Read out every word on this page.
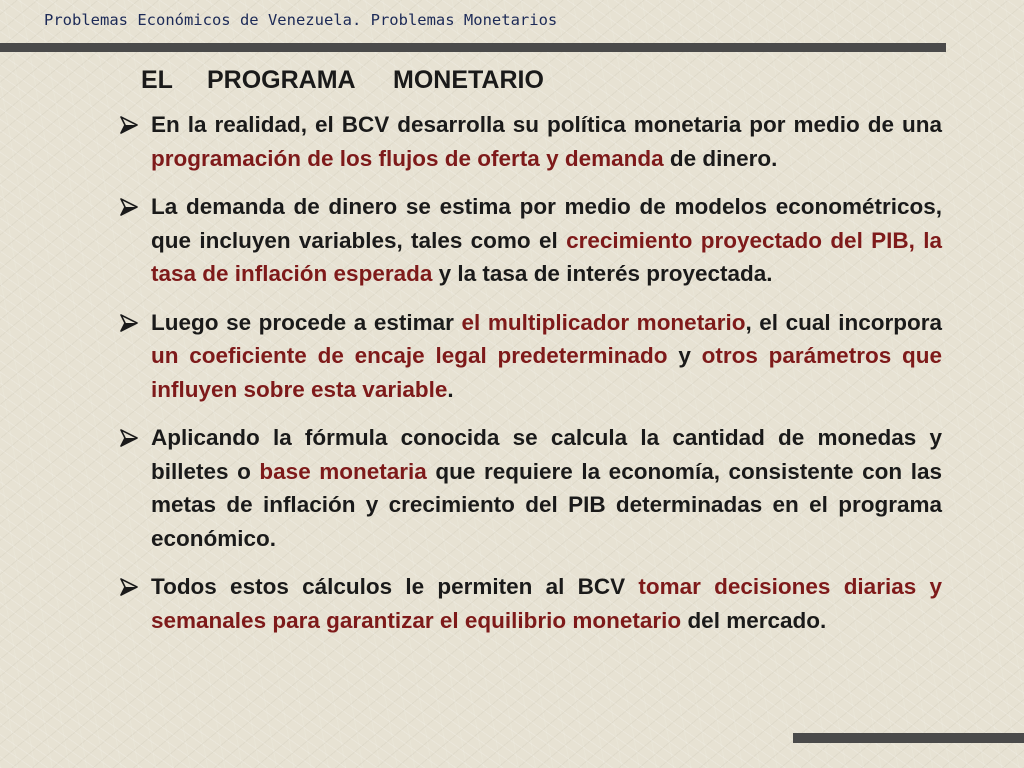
Problemas Económicos de Venezuela. Problemas Monetarios
EL PROGRAMA MONETARIO
En la realidad, el BCV desarrolla su política monetaria por medio de una programación de los flujos de oferta y demanda de dinero.
La demanda de dinero se estima por medio de modelos econométricos, que incluyen variables, tales como el crecimiento proyectado del PIB, la tasa de inflación esperada y la tasa de interés proyectada.
Luego se procede a estimar el multiplicador monetario, el cual incorpora un coeficiente de encaje legal predeterminado y otros parámetros que influyen sobre esta variable.
Aplicando la fórmula conocida se calcula la cantidad de monedas y billetes o base monetaria que requiere la economía, consistente con las metas de inflación y crecimiento del PIB determinadas en el programa económico.
Todos estos cálculos le permiten al BCV tomar decisiones diarias y semanales para garantizar el equilibrio monetario del mercado.
